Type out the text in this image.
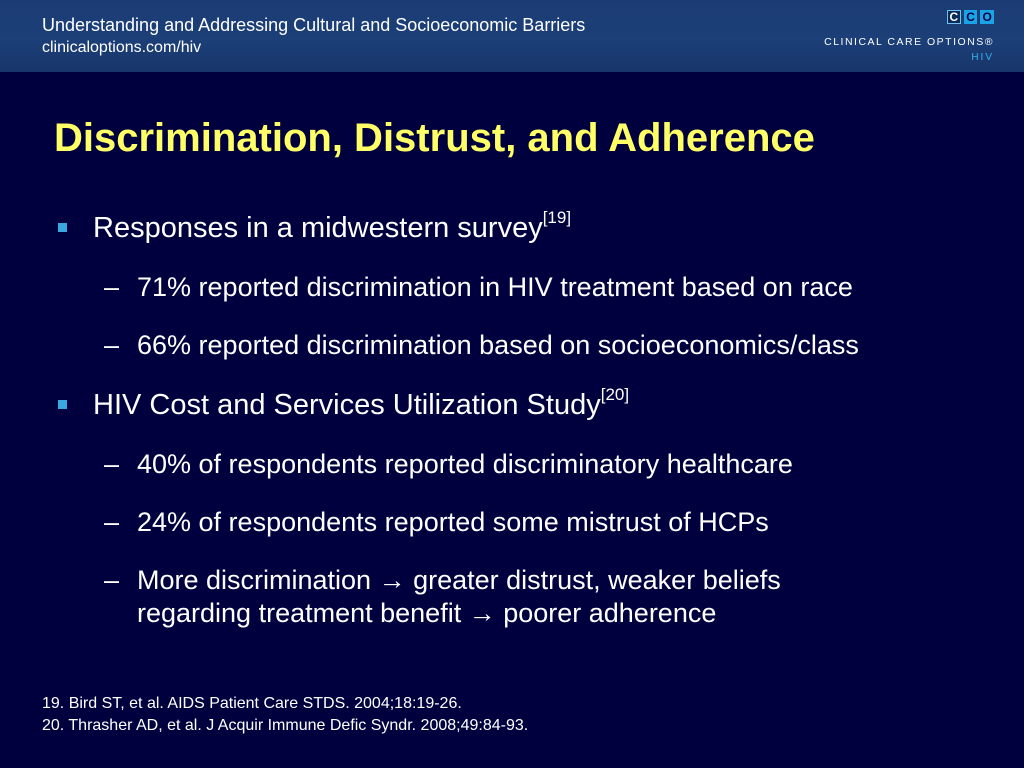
Understanding and Addressing Cultural and Socioeconomic Barriers
clinicaloptions.com/hiv
C C O
CLINICAL CARE OPTIONS®
HIV
Discrimination, Distrust, and Adherence
Responses in a midwestern survey[19]
– 71% reported discrimination in HIV treatment based on race
– 66% reported discrimination based on socioeconomics/class
HIV Cost and Services Utilization Study[20]
– 40% of respondents reported discriminatory healthcare
– 24% of respondents reported some mistrust of HCPs
– More discrimination → greater distrust, weaker beliefs
regarding treatment benefit → poorer adherence
19. Bird ST, et al. AIDS Patient Care STDS. 2004;18:19-26.
20. Thrasher AD, et al. J Acquir Immune Defic Syndr. 2008;49:84-93.
